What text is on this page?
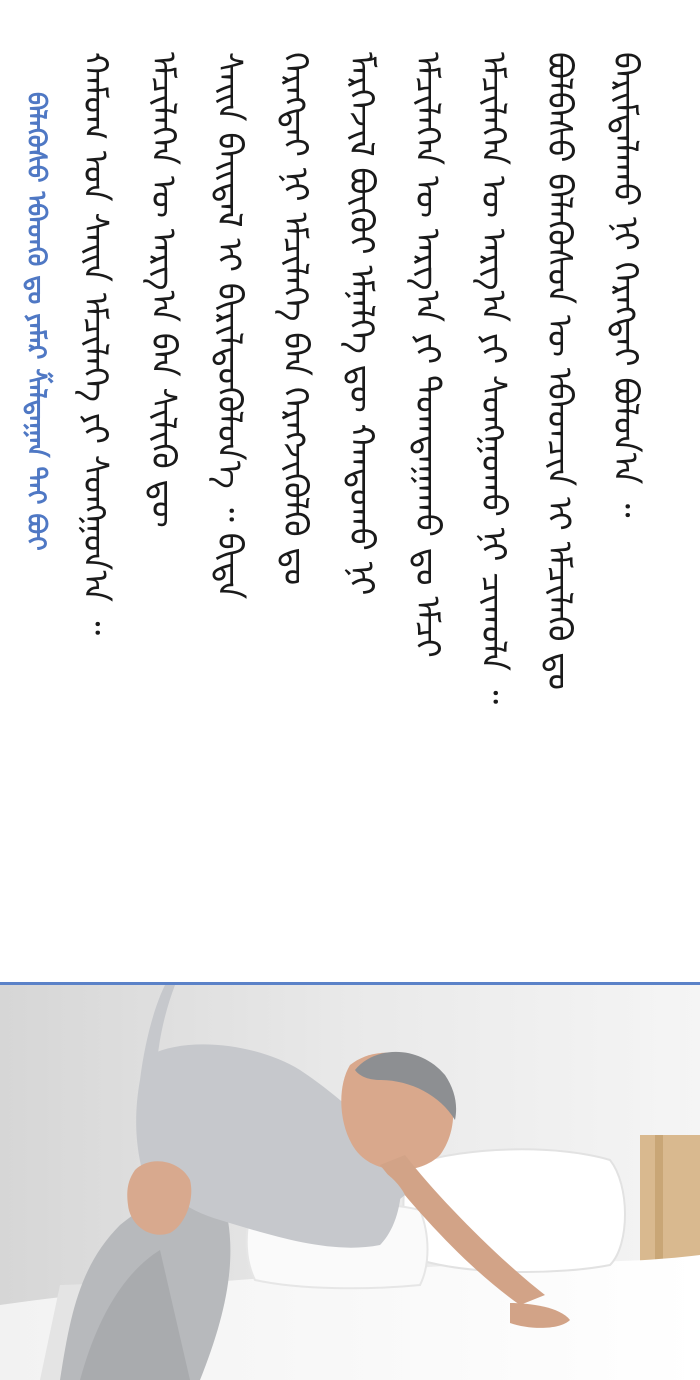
ᠪᠡᠯᠡᠭᠦᠰᠥ ᠡᠪᠡᠳᠬᠦ ᠳᠤ ᠶᠠᠮᠠᠷ ᠱᠠᠯᠲᠠᠭᠠᠨ ᠲᠠᠢ ᠪᠤᠢ ᠬᠠᠮᠤᠭ ᠤᠨ ᠰᠠᠢᠨ ᠡᠮᠴᠢᠯᠡᠭᠡ ᠶᠢ ᠰᠣᠩᠭᠣᠨ᠎ᠠ ᠃ ᠡᠮᠴᠢᠯᠡᠭᠡᠨ ᠦ ᠠᠷᠭ᠎ᠠ ᠪᠡᠨ ᠰᠢᠯᠢᠬᠦ ᠳᠦ ᠰᠠᠢᠨ ᠪᠠᠢᠳᠠᠯ ᠢ ᠪᠢᠷᠢᠯᠳᠦᠭᠦᠯᠦᠨ᠎ᠡ ᠃ ᠪᠢᠳᠡ ᠬᠡᠷᠡᠭᠲᠡᠢ ᠨᠢ ᠡᠮᠴᠢᠯᠡᠭᠡ ᠪᠡᠨ ᠬᠡᠷᠡᠭᠵᠢᠭᠦᠯᠬᠦ ᠳᠤ ᠮᠡᠷᠭᠡᠵᠢᠯ ᠪᠦᠬᠦᠢ ᠡᠮᠨᠡᠯᠭᠡ ᠳᠦ ᠬᠠᠨᠳᠤᠬᠤ ᠨᠢ ᠡᠮᠴᠢᠯᠡᠭᠡᠨ ᠦ ᠠᠷᠭ᠎ᠠ ᠶᠢ ᠲᠣᠭᠲᠠᠭᠠᠬᠤ ᠳᠤ ᠡᠮᠴᠢ ᠡᠮᠴᠢᠯᠡᠭᠡᠨ ᠦ ᠠᠷᠭ᠎ᠠ ᠶᠢ ᠰᠣᠩᠭᠣᠬᠤ ᠨᠢ ᠴᠢᠬᠤᠯᠠ ᠃ ᠪᠣᠯᠪᠠᠰᠤ ᠪᠡᠯᠡᠭᠦᠰᠦᠨ ᠦ ᠡᠪᠡᠳᠴᠢᠨ ᠢ ᠡᠮᠴᠢᠯᠡᠬᠦ ᠳᠤ ᠪᠠᠷᠢᠮᠲᠠᠯᠠᠬᠤ ᠨᠢ ᠬᠡᠷᠡᠭᠲᠡᠢ ᠪᠣᠯᠤᠨ᠎ᠠ ᠃
